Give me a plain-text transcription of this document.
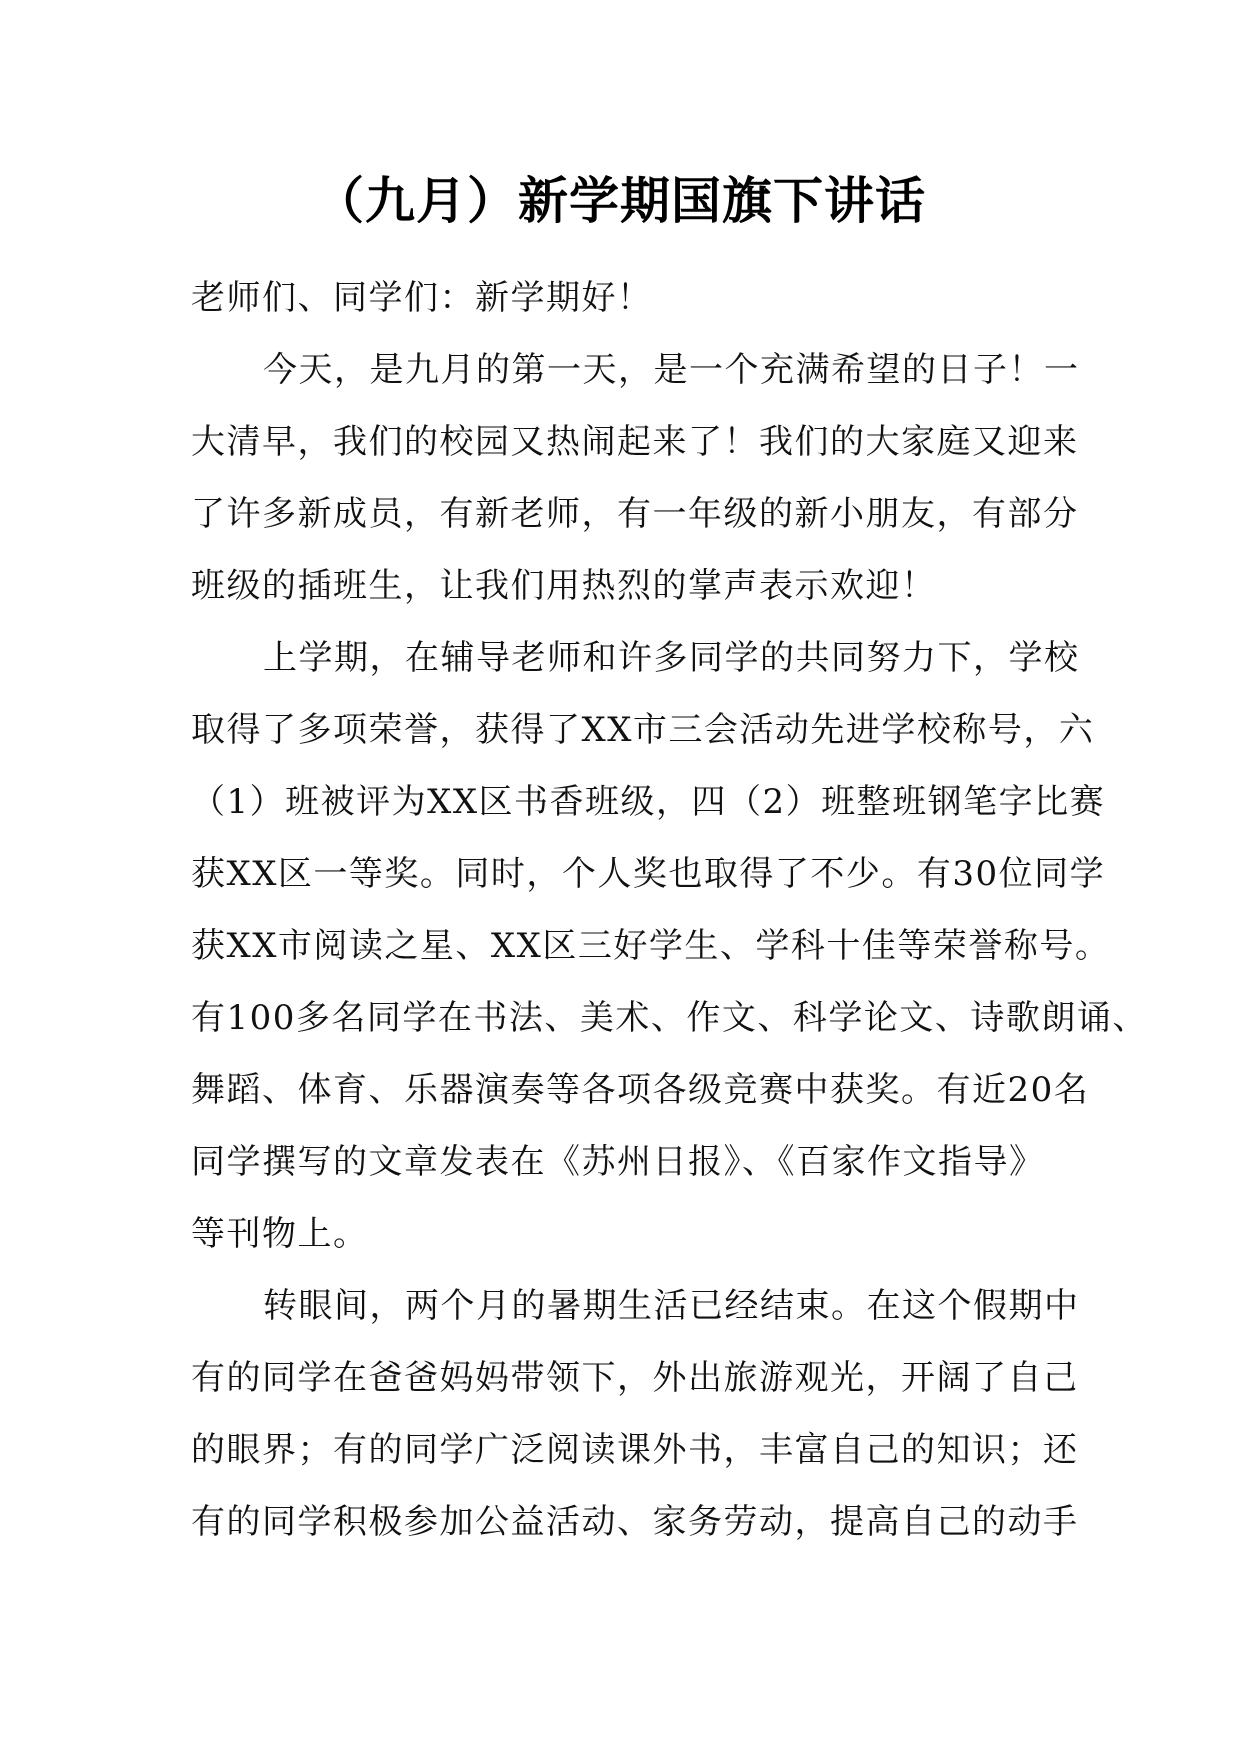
（九月）新学期国旗下讲话
老师们、同学们：新学期好！
今天，是九月的第一天，是一个充满希望的日子！一
大清早，我们的校园又热闹起来了！我们的大家庭又迎来
了许多新成员，有新老师，有一年级的新小朋友，有部分
班级的插班生，让我们用热烈的掌声表示欢迎！
上学期，在辅导老师和许多同学的共同努力下，学校
取得了多项荣誉，获得了XX市三会活动先进学校称号，六
（1）班被评为XX区书香班级，四（2）班整班钢笔字比赛
获XX区一等奖。同时，个人奖也取得了不少。有30位同学
获XX市阅读之星、XX区三好学生、学科十佳等荣誉称号。
有100多名同学在书法、美术、作文、科学论文、诗歌朗诵、
舞蹈、体育、乐器演奏等各项各级竞赛中获奖。有近20名
同学撰写的文章发表在《苏州日报》、《百家作文指导》
等刊物上。
转眼间，两个月的暑期生活已经结束。在这个假期中
有的同学在爸爸妈妈带领下，外出旅游观光，开阔了自己
的眼界；有的同学广泛阅读课外书，丰富自己的知识；还
有的同学积极参加公益活动、家务劳动，提高自己的动手
